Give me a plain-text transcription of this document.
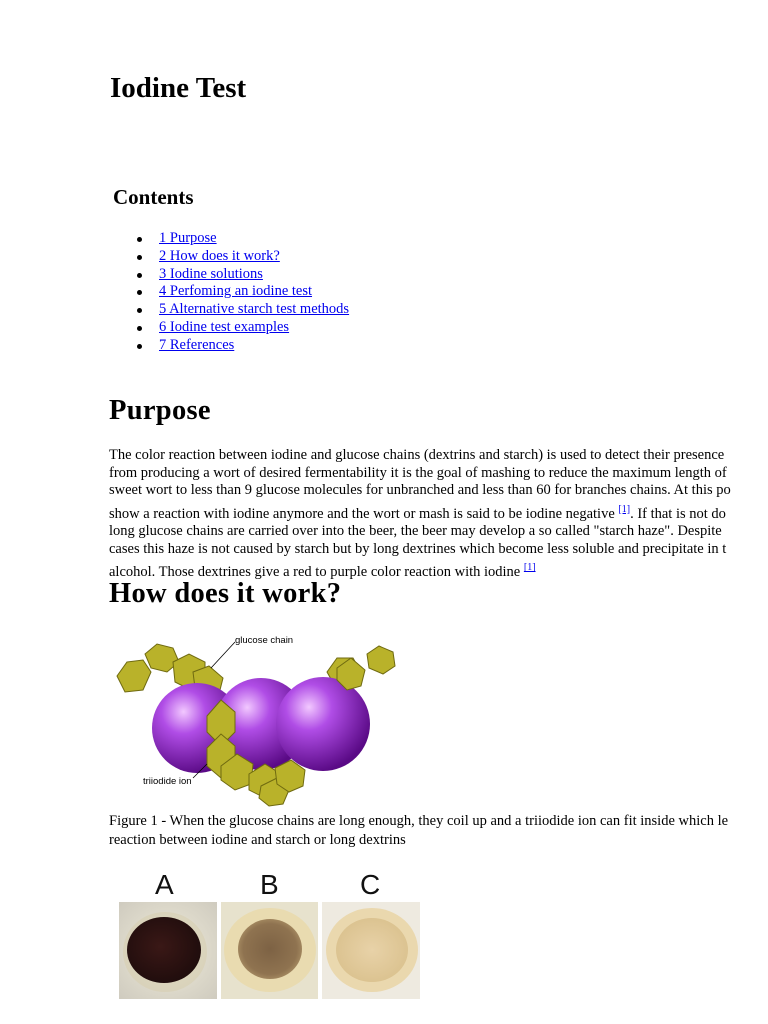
Iodine Test
Contents
1 Purpose
2 How does it work?
3 Iodine solutions
4 Perfoming an iodine test
5 Alternative starch test methods
6 Iodine test examples
7 References
Purpose
The color reaction between iodine and glucose chains (dextrins and starch) is used to detect their presence
from producing a wort of desired fermentability it is the goal of mashing to reduce the maximum length of
sweet wort to less than 9 glucose molecules for unbranched and less than 60 for branches chains. At this po
show a reaction with iodine anymore and the wort or mash is said to be iodine negative [1]. If that is not do
long glucose chains are carried over into the beer, the beer may develop a so called "starch haze". Despite
cases this haze is not caused by starch but by long dextrines which become less soluble and precipitate in t
alcohol. Those dextrines give a red to purple color reaction with iodine [1]
How does it work?
glucose chain
triiodide ion
Figure 1 - When the glucose chains are long enough, they coil up and a triiodide ion can fit inside which le
reaction between iodine and starch or long dextrins
A	B	C
